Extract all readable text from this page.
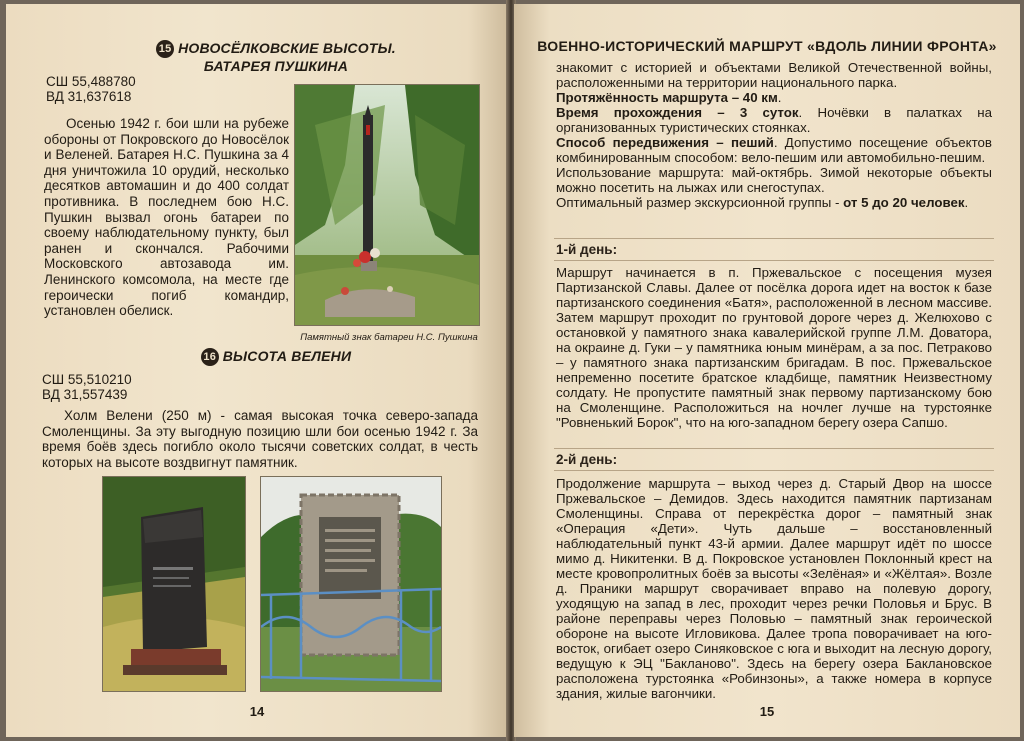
15 НОВОСЁЛКОВСКИЕ ВЫСОТЫ.
БАТАРЕЯ ПУШКИНА
СШ 55,488780
ВД 31,637618
Осенью 1942 г. бои шли на рубеже обороны от Покровского до Новосёлок и Веленей. Батарея Н.С. Пушкина за 4 дня уничтожила 10 орудий, несколько десятков автомашин и до 400 солдат противника. В последнем бою Н.С. Пушкин вызвал огонь батареи по своему наблюдательному пункту, был ранен и скончался. Рабочими Московского автозавода им. Ленинского комсомола, на месте где героически погиб командир, установлен обелиск.
Памятный знак батареи Н.С. Пушкина
16 ВЫСОТА ВЕЛЕНИ
СШ 55,510210
ВД 31,557439
Холм Велени (250 м) - самая высокая точка северо-запада Смоленщины. За эту выгодную позицию шли бои осенью 1942 г. За время боёв здесь погибло около тысячи советских солдат, в честь которых на высоте воздвигнут памятник.
14
ВОЕННО-ИСТОРИЧЕСКИЙ МАРШРУТ «ВДОЛЬ ЛИНИИ ФРОНТА»
знакомит с историей и объектами Великой Отечественной войны, расположенными на территории национального парка.
Протяжённость маршрута – 40 км.
Время прохождения – 3 суток. Ночёвки в палатках на организованных туристических стоянках.
Способ передвижения – пеший. Допустимо посещение объектов комбинированным способом: вело-пешим или автомобильно-пешим.
Использование маршрута: май-октябрь. Зимой некоторые объекты можно посетить на лыжах или снегоступах.
Оптимальный размер экскурсионной группы - от 5 до 20 человек.
1-й день:
Маршрут начинается в п. Пржевальское с посещения музея Партизанской Славы. Далее от посёлка дорога идет на восток к базе партизанского соединения «Батя», расположенной в лесном массиве. Затем маршрут проходит по грунтовой дороге через д. Желюховo с остановкой у памятного знака кавалерийской группе Л.М. Доватора, на окраине д. Гуки – у памятника юным минёрам, а за пос. Петраково – у памятного знака партизанским бригадам. В пос. Пржевальское непременно посетите братское кладбище, памятник Неизвестному солдату. Не пропустите памятный знак первому партизанскому бою на Смоленщине. Расположиться на ночлег лучше на турстоянке "Ровненький Борок", что на юго-западном берегу озера Сапшо.
2-й день:
Продолжение маршрута – выход через д. Старый Двор на шоссе Пржевальское – Демидов. Здесь находится памятник партизанам Смоленщины. Справа от перекрёстка дорог – памятный знак «Операция «Дети». Чуть дальше – восстановленный наблюдательный пункт 43-й армии. Далее маршрут идёт по шоссе мимо д. Никитенки. В д. Покровское установлен Поклонный крест на месте кровопролитных боёв за высоты «Зелёная» и «Жёлтая». Возле д. Праники маршрут сворачивает вправо на полевую дорогу, уходящую на запад в лес, проходит через речки Половья и Брус. В районе переправы через Половью – памятный знак героической обороне на высоте Игловикова. Далее тропа поворачивает на юго-восток, огибает озеро Синяковское с юга и выходит на лесную дорогу, ведущую к ЭЦ "Бакланово". Здесь на берегу озера Баклановское расположена турстоянка «Робинзоны», а также номера в корпусе здания, жилые вагончики.
15
